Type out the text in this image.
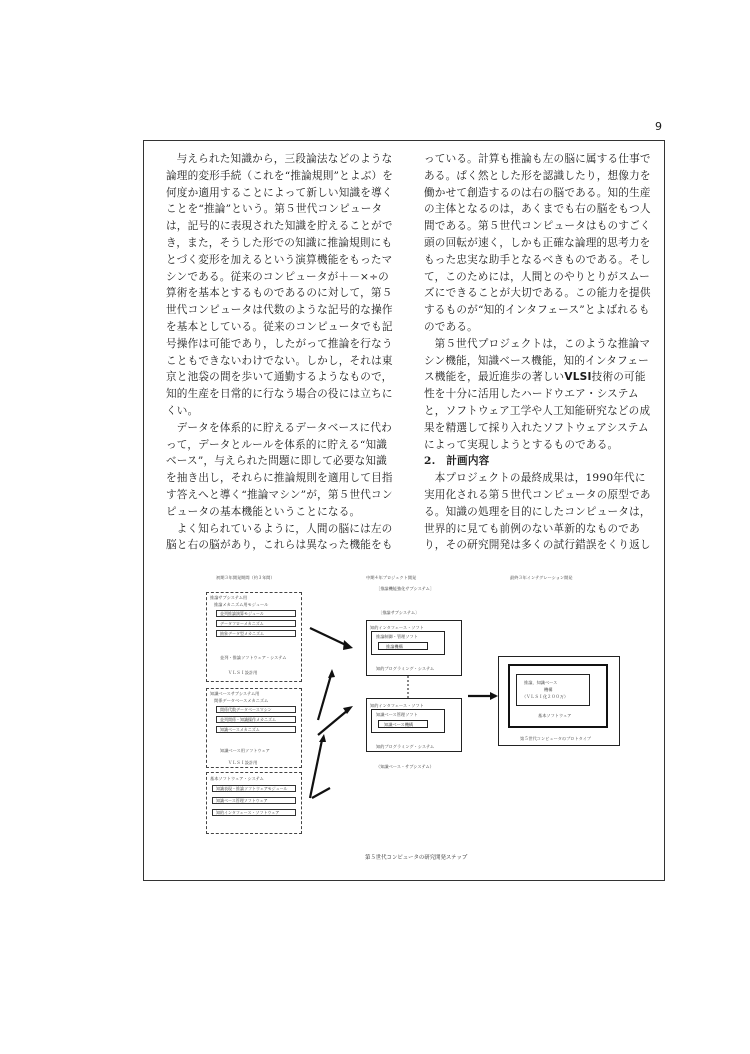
9

与えられた知識から，三段論法などのような論理的変形手続（これを“推論規則”とよぶ）を何度か適用することによって新しい知識を導くことを“推論”という。第５世代コンピュータは，記号的に表現された知識を貯えることができ，また，そうした形での知識に推論規則にもとづく変形を加えるという演算機能をもったマシンである。従来のコンピュータが＋－×÷の算術を基本とするものであるのに対して，第５世代コンピュータは代数のような記号的な操作を基本としている。従来のコンピュータでも記号操作は可能であり，したがって推論を行なうこともできないわけでない。しかし，それは東京と池袋の間を歩いて通勤するようなもので，知的生産を日常的に行なう場合の役には立ちにくい。

データを体系的に貯えるデータベースに代わって，データとルールを体系的に貯える“知識ベース”，与えられた問題に即して必要な知識を抽き出し，それらに推論規則を適用して目指す答えへと導く“推論マシン”が，第５世代コンピュータの基本機能ということになる。

よく知られているように，人間の脳には左の脳と右の脳があり，これらは異なった機能をも

っている。計算も推論も左の脳に属する仕事である。ぱく然とした形を認識したり，想像力を働かせて創造するのは右の脳である。知的生産の主体となるのは，あくまでも右の脳をもつ人間である。第５世代コンピュータはものすごく頭の回転が速く，しかも正確な論理的思考力をもった忠実な助手となるべきものである。そして，このためには，人間とのやりとりがスムーズにできることが大切である。この能力を提供するものが“知的インタフェース”とよばれるものである。

第５世代プロジェクトは，このような推論マシン機能，知識ベース機能，知的インタフェース機能を，最近進歩の著しいVLSI技術の可能性を十分に活用したハードウエア・システムと，ソフトウェア工学や人工知能研究などの成果を精選して採り入れたソフトウェアシステムによって実現しようとするものである。

2.　計画内容

本プロジェクトの最終成果は，1990年代に実用化される第５世代コンピュータの原型である。知識の処理を目的にしたコンピュータは，世界的に見ても前例のない革新的なものであり，その研究開発は多くの試行錯誤をくり返し

初期３年開発期間（約３年間）	中期４年プロジェクト開発	最終３年インテグレーション開発
推論サブシステム用
推論メカニズム用モジュール
並列推論演算モジュール
データフローメカニズム
抽象データ型メカニズム
並列・推論ソフトウェア・システム
ＶＬＳＩ設計用
知識ベースサブシステム用
関係データベースメカニズム
関係代数データベースマシン
並列関係・知識操作メカニズム
知識ベースメカニズム
知識ベース用ソフトウェア
ＶＬＳＩ設計用
基本ソフトウェア・システム
知識表現・推論ソフトウェアモジュール
知識ベース管理ソフトウェア
知的インタフェース・ソフトウェア
［推論機能強化サブシステム］
〔推論サブシステム〕
知的インタフェース・ソフト
推論制御・管理ソフト
推論機構
知的プログラミング・システム
知的インタフェース・ソフト
知識ベース管理ソフト
知識ベース機構
知的プログラミング・システム
（知識ベース・サブシステム）
推論，知識ベース
機構
（ＶＬＳＩ化２００万）
基本ソフトウェア
第５世代コンピュータのプロトタイプ
第５世代コンピュータの研究開発ステップ
